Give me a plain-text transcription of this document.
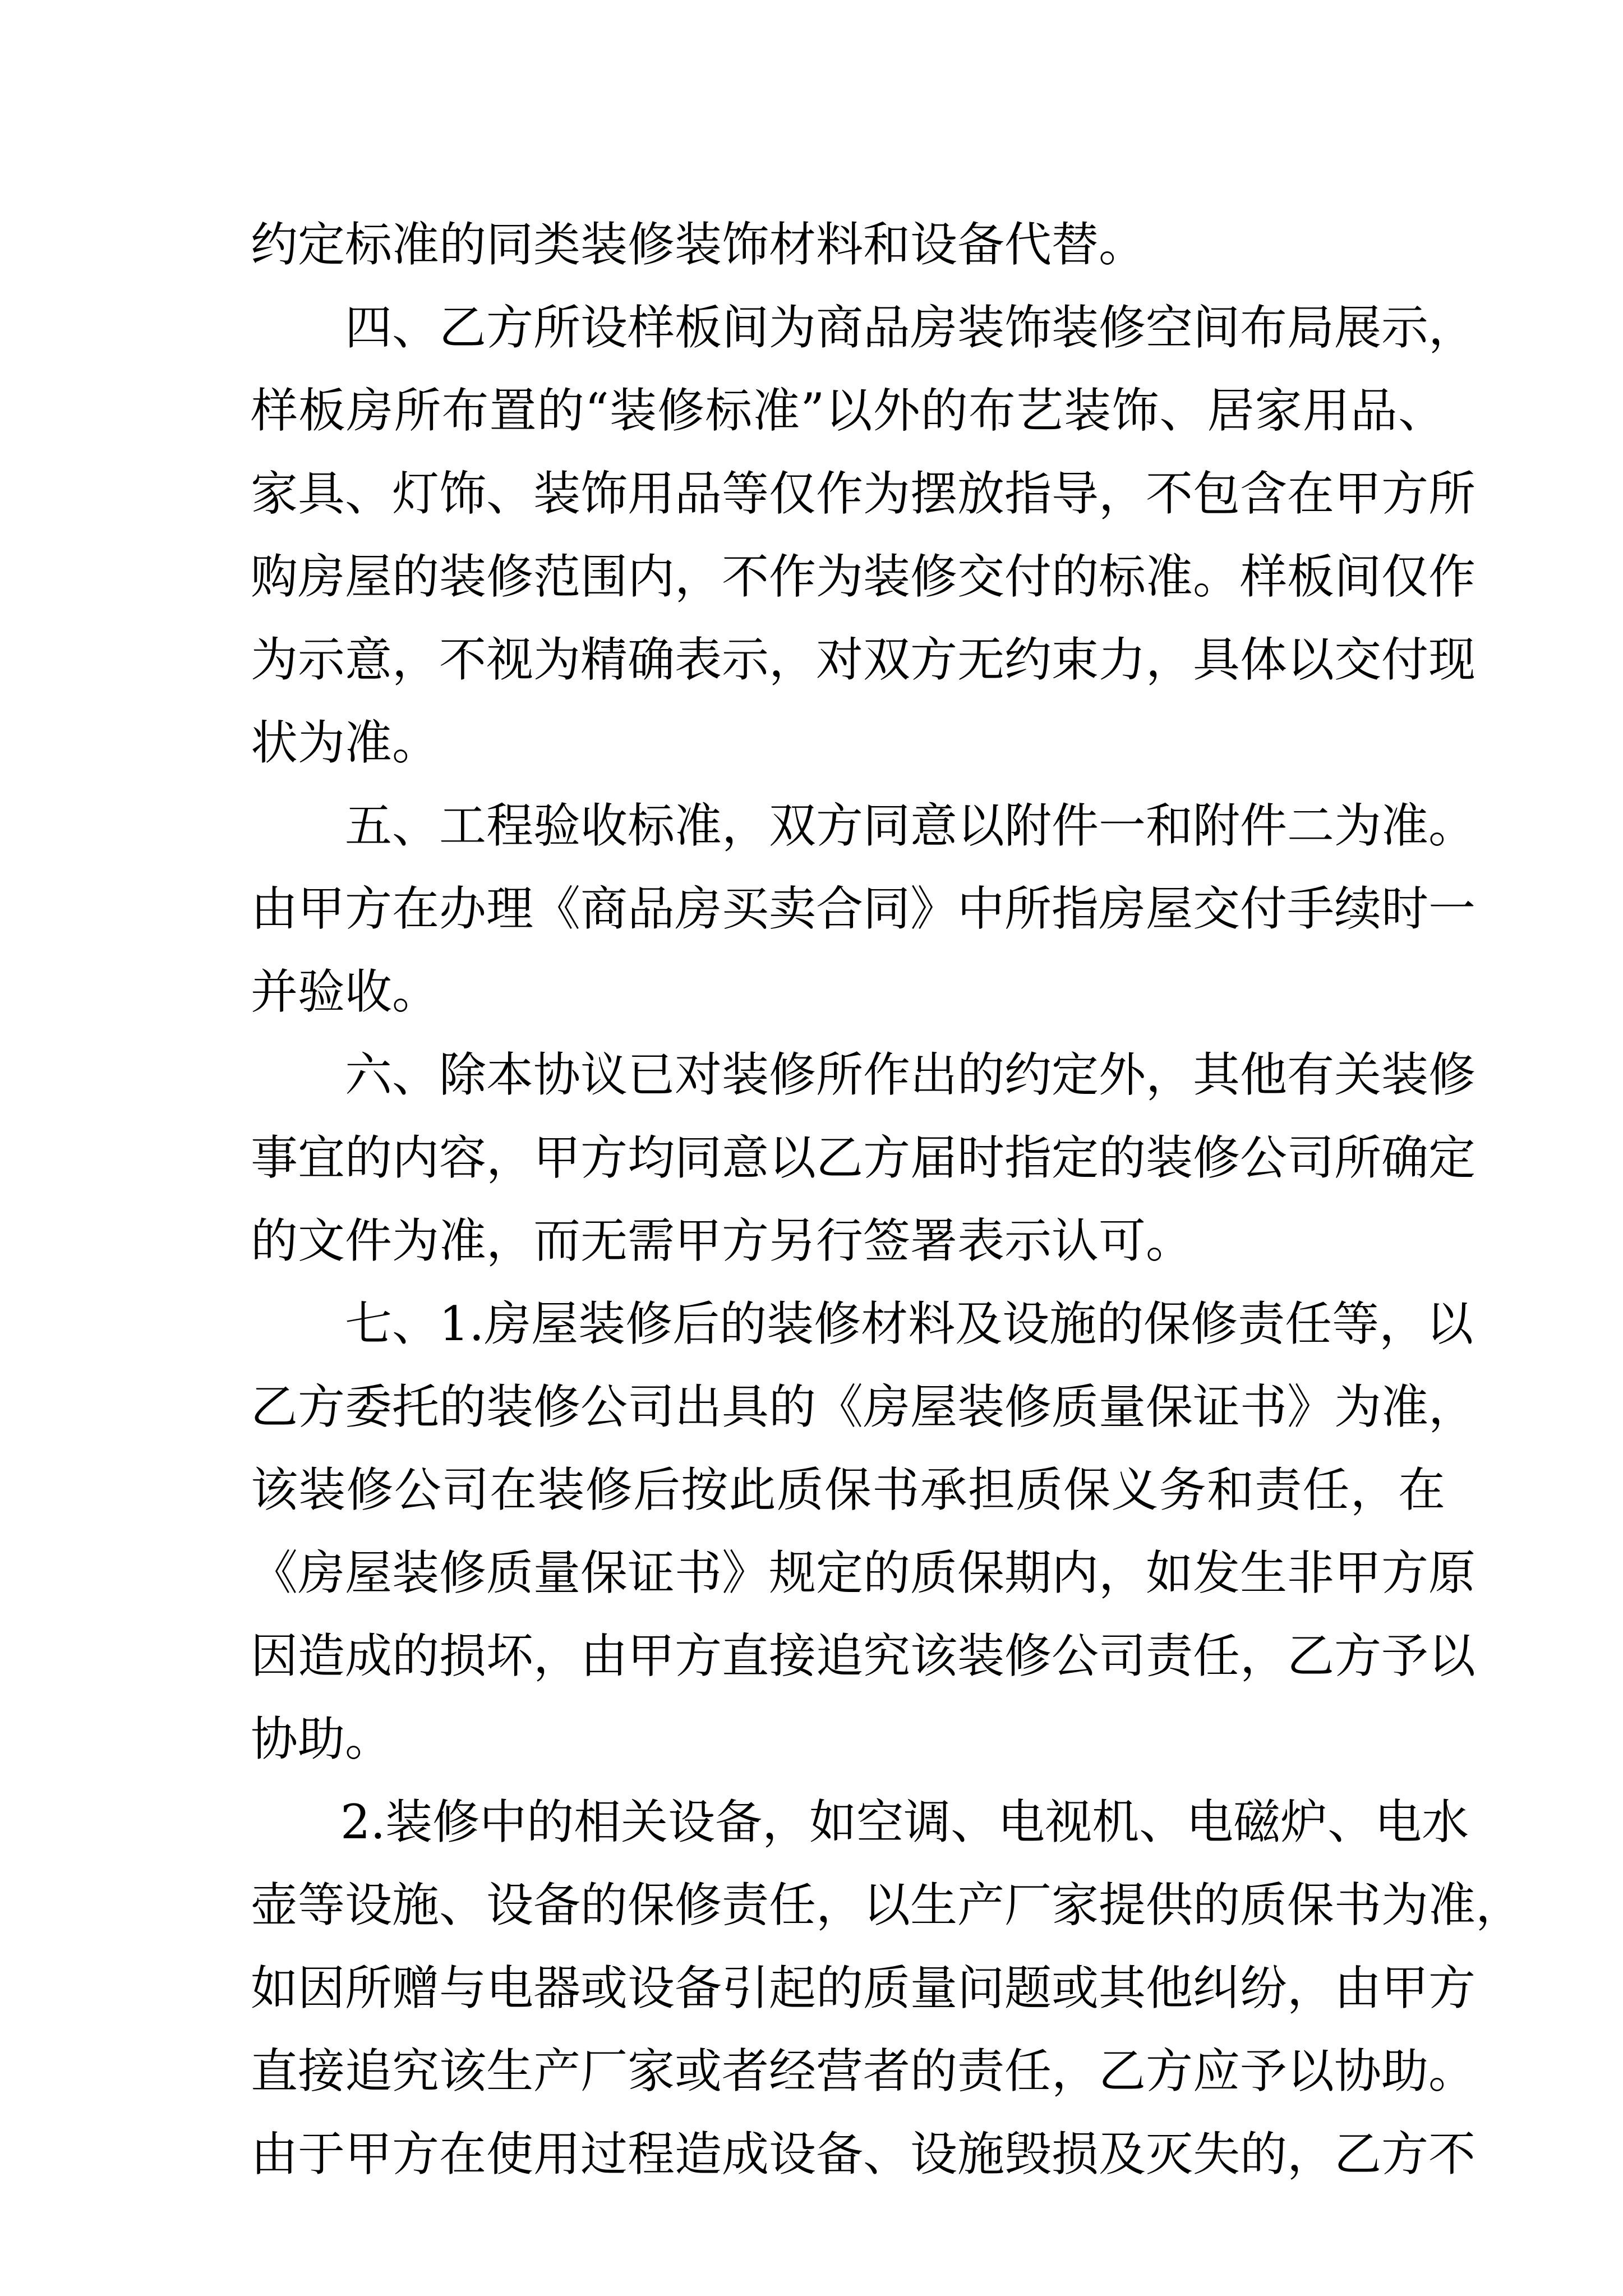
约定标准的同类装修装饰材料和设备代替。
四、乙方所设样板间为商品房装饰装修空间布局展示，
样板房所布置的“装修标准”以外的布艺装饰、居家用品、
家具、灯饰、装饰用品等仅作为摆放指导，不包含在甲方所
购房屋的装修范围内，不作为装修交付的标准。样板间仅作
为示意，不视为精确表示，对双方无约束力，具体以交付现
状为准。
五、工程验收标准，双方同意以附件一和附件二为准。
由甲方在办理《商品房买卖合同》中所指房屋交付手续时一
并验收。
六、除本协议已对装修所作出的约定外，其他有关装修
事宜的内容，甲方均同意以乙方届时指定的装修公司所确定
的文件为准，而无需甲方另行签署表示认可。
七、1.房屋装修后的装修材料及设施的保修责任等，以
乙方委托的装修公司出具的《房屋装修质量保证书》为准，
该装修公司在装修后按此质保书承担质保义务和责任，在
《房屋装修质量保证书》规定的质保期内，如发生非甲方原
因造成的损坏，由甲方直接追究该装修公司责任，乙方予以
协助。
2.装修中的相关设备，如空调、电视机、电磁炉、电水
壶等设施、设备的保修责任，以生产厂家提供的质保书为准，
如因所赠与电器或设备引起的质量问题或其他纠纷，由甲方
直接追究该生产厂家或者经营者的责任，乙方应予以协助。
由于甲方在使用过程造成设备、设施毁损及灭失的，乙方不
